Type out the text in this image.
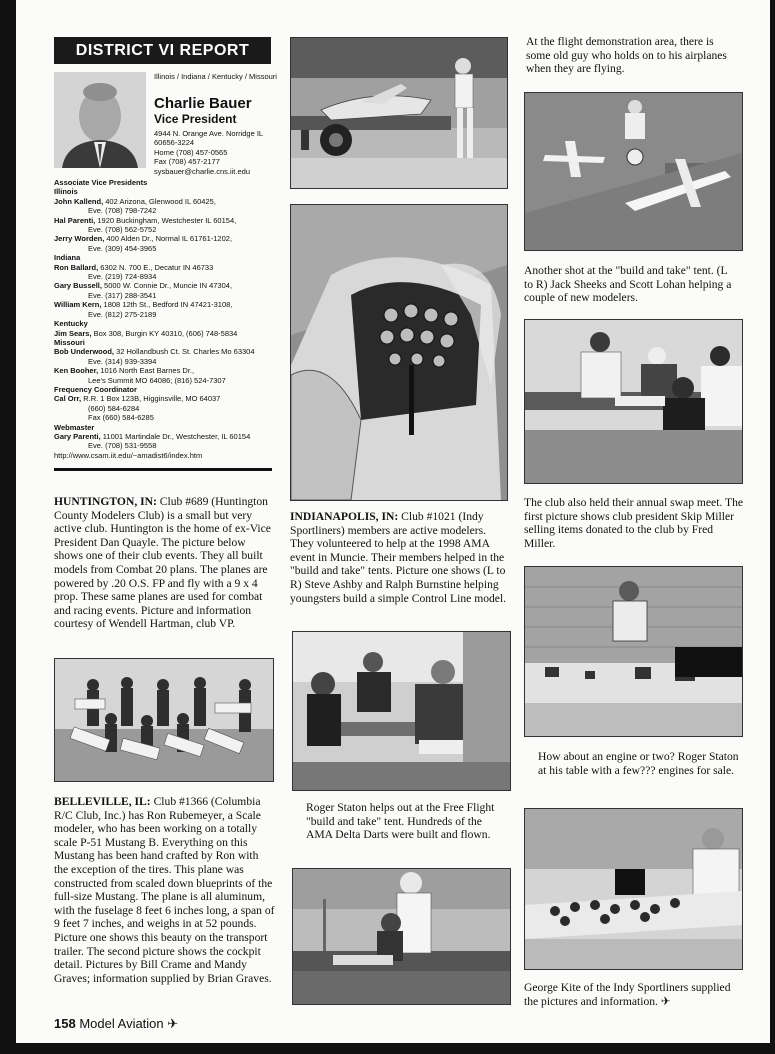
DISTRICT VI REPORT
Illinois / Indiana / Kentucky / Missouri
Charlie Bauer
Vice President
4944 N. Orange Ave. Norridge IL
60656-3224
Home (708) 457-0565
Fax (708) 457-2177
sysbauer@charlie.cns.iit.edu
Associate Vice Presidents
Illinois
John Kallend, 402 Arizona, Glenwood IL 60425,
Eve. (708) 798-7242
Hal Parenti, 1920 Buckingham, Westchester IL 60154,
Eve. (708) 562-5752
Jerry Worden, 400 Alden Dr., Normal IL 61761-1202,
Eve. (309) 454-3965
Indiana
Ron Ballard, 6302 N. 700 E., Decatur IN 46733
Eve. (219) 724-8934
Gary Bussell, 5000 W. Connie Dr., Muncie IN 47304,
Eve. (317) 288-3541
William Kern, 1808 12th St., Bedford IN 47421-3108,
Eve. (812) 275-2189
Kentucky
Jim Sears, Box 308, Burgin KY 40310, (606) 748-5834
Missouri
Bob Underwood, 32 Hollandbush Ct. St. Charles Mo 63304
Eve. (314) 939-3394
Ken Booher, 1016 North East Barnes Dr.,
Lee's Summit MO 64086; (816) 524-7307
Frequency Coordinator
Cal Orr, R.R. 1 Box 123B, Higginsville, MO 64037
(660) 584-6284
Fax (660) 584-6285
Webmaster
Gary Parenti, 11001 Martindale Dr., Westchester, IL 60154
Eve. (708) 531-9558
http://www.csam.iit.edu/~amadist6/index.htm
HUNTINGTON, IN: Club #689 (Huntington County Modelers Club) is a small but very active club. Huntington is the home of ex-Vice President Dan Quayle. The picture below shows one of their club events. They all built models from Combat 20 plans. The planes are powered by .20 O.S. FP and fly with a 9 x 4 prop. These same planes are used for combat and racing events. Picture and information courtesy of Wendell Hartman, club VP.
BELLEVILLE, IL: Club #1366 (Columbia R/C Club, Inc.) has Ron Rubemeyer, a Scale modeler, who has been working on a totally scale P-51 Mustang B. Everything on this Mustang has been hand crafted by Ron with the exception of the tires. This plane was constructed from scaled down blueprints of the full-size Mustang. The plane is all aluminum, with the fuselage 8 feet 6 inches long, a span of 9 feet 7 inches, and weighs in at 52 pounds. Picture one shows this beauty on the transport trailer. The second picture shows the cockpit detail. Pictures by Bill Crame and Mandy Graves; information supplied by Brian Graves.
158 Model Aviation ✈
INDIANAPOLIS, IN: Club #1021 (Indy Sportliners) members are active modelers. They volunteered to help at the 1998 AMA event in Muncie. Their members helped in the "build and take" tents. Picture one shows (L to R) Steve Ashby and Ralph Burnstine helping youngsters build a simple Control Line model.
Roger Staton helps out at the Free Flight "build and take" tent. Hundreds of the AMA Delta Darts were built and flown.
At the flight demonstration area, there is some old guy who holds on to his airplanes when they are flying.
Another shot at the "build and take" tent. (L to R) Jack Sheeks and Scott Lohan helping a couple of new modelers.
The club also held their annual swap meet. The first picture shows club president Skip Miller selling items donated to the club by Fred Miller.
How about an engine or two? Roger Staton at his table with a few??? engines for sale.
George Kite of the Indy Sportliners supplied the pictures and information. ✈
